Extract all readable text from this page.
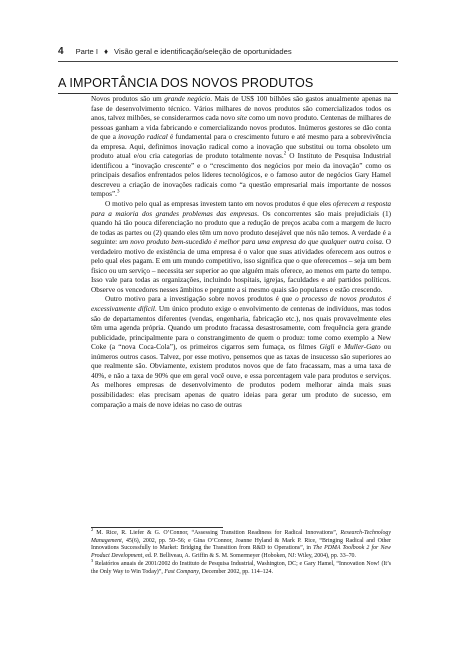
4 Parte I ♦ Visão geral e identificação/seleção de oportunidades
A IMPORTÂNCIA DOS NOVOS PRODUTOS

Novos produtos são um grande negócio. Mais de US$ 100 bilhões são gastos anualmente apenas na fase de desenvolvimento técnico. Vários milhares de novos produtos são comercializados todos os anos, talvez milhões, se considerarmos cada novo site como um novo produto. Centenas de milhares de pessoas ganham a vida fabricando e comercializando novos produtos. Inúmeros gestores se dão conta de que a inovação radical é fundamental para o crescimento futuro e até mesmo para a sobrevivência da empresa. Aqui, definimos inovação radical como a inovação que substitui ou torna obsoleto um produto atual e/ou cria categorias de produto totalmente novas.$^2$ O Instituto de Pesquisa Industrial identificou a “inovação crescente” e o “crescimento dos negócios por meio da inovação” como os principais desafios enfrentados pelos líderes tecnológicos, e o famoso autor de negócios Gary Hamel descreveu a criação de inovações radicais como “a questão empresarial mais importante de nossos tempos”.$^3$

O motivo pelo qual as empresas investem tanto em novos produtos é que eles oferecem a resposta para a maioria dos grandes problemas das empresas. Os concorrentes são mais prejudiciais (1) quando há tão pouca diferenciação no produto que a redução de preços acaba com a margem de lucro de todas as partes ou (2) quando eles têm um novo produto desejável que nós não temos. A verdade é a seguinte: um novo produto bem-sucedido é melhor para uma empresa do que qualquer outra coisa. O verdadeiro motivo de existência de uma empresa é o valor que suas atividades oferecem aos outros e pelo qual eles pagam. E em um mundo competitivo, isso significa que o que oferecemos – seja um bem físico ou um serviço – necessita ser superior ao que alguém mais oferece, ao menos em parte do tempo. Isso vale para todas as organizações, incluindo hospitais, igrejas, faculdades e até partidos políticos. Observe os vencedores nesses âmbitos e pergunte a si mesmo quais são populares e estão crescendo.

Outro motivo para a investigação sobre novos produtos é que o processo de novos produtos é excessivamente difícil. Um único produto exige o envolvimento de centenas de indivíduos, mas todos são de departamentos diferentes (vendas, engenharia, fabricação etc.), nos quais provavelmente eles têm uma agenda própria. Quando um produto fracassa desastrosamente, com frequência gera grande publicidade, principalmente para o constrangimento de quem o produz: tome como exemplo a New Coke (a “nova Coca-Cola”), os primeiros cigarros sem fumaça, os filmes Gigli e Muller-Gato ou inúmeros outros casos. Talvez, por esse motivo, pensemos que as taxas de insucesso são superiores ao que realmente são. Obviamente, existem produtos novos que de fato fracassam, mas a uma taxa de 40%, e não a taxa de 90% que em geral você ouve, e essa porcentagem vale para produtos e serviços. As melhores empresas de desenvolvimento de produtos podem melhorar ainda mais suas possibilidades: elas precisam apenas de quatro ideias para gerar um produto de sucesso, em comparação a mais de nove ideias no caso de outras

$^2$ M. Rice, R. Liefer & G. O’Connor, “Assessing Transition Readiness for Radical Innovations”, Research-Technology Management, 45(6), 2002, pp. 50–56; e Gina O’Connor, Joanne Hyland & Mark P. Rice, “Bringing Radical and Other Innovations Successfully to Market: Bridging the Transition from R&D to Operations”, in The PDMA Toolbook 2 for New Product Development, ed. P. Belliveau, A. Griffin & S. M. Somermeyer (Hoboken, NJ: Wiley, 2004), pp. 33–70.

$^3$ Relatórios anuais de 2001/2002 do Instituto de Pesquisa Industrial, Washington, DC; e Gary Hamel, “Innovation Now! (It’s the Only Way to Win Today)”, Fast Company, December 2002, pp. 114–124.
